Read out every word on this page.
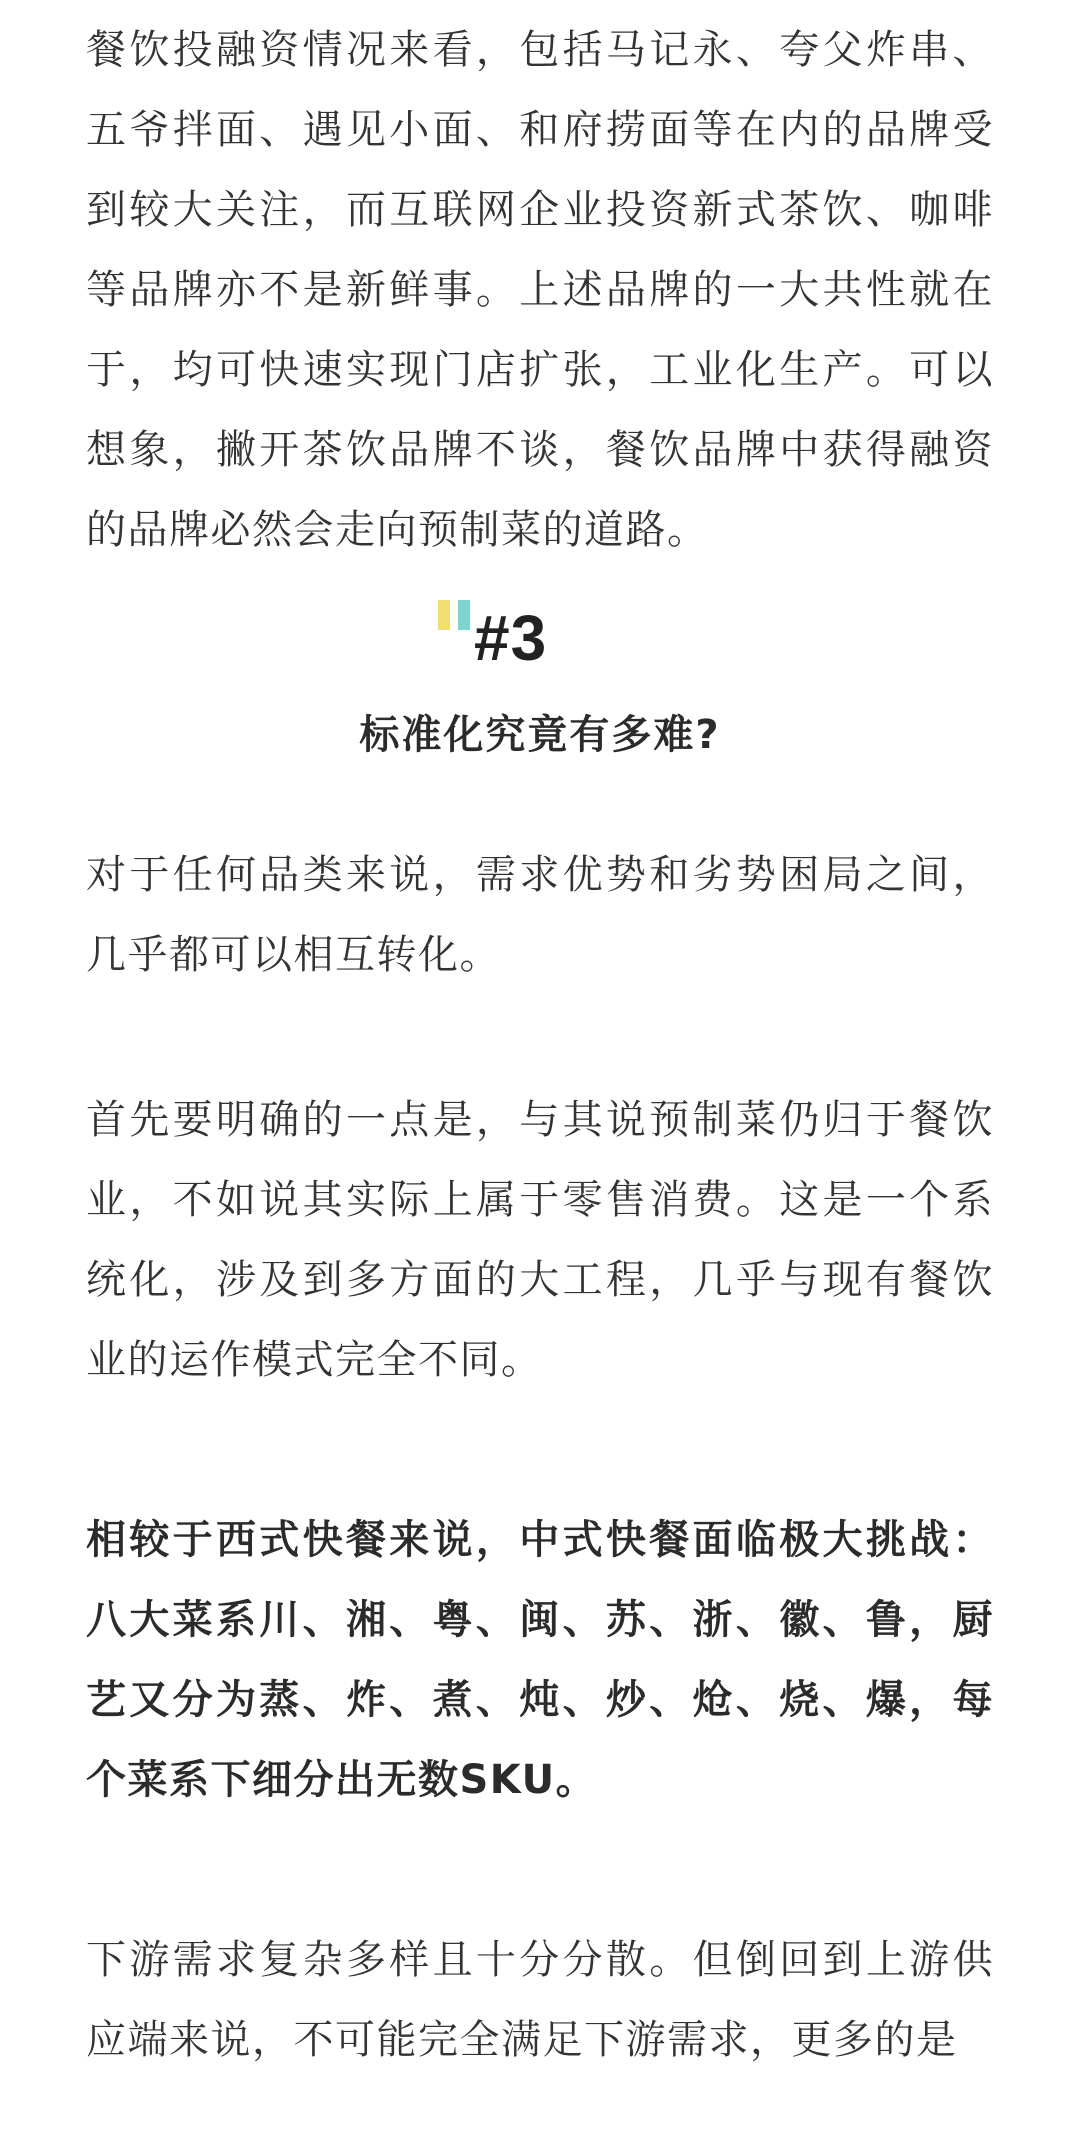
餐饮投融资情况来看，包括马记永、夸父炸串、五爷拌面、遇见小面、和府捞面等在内的品牌受到较大关注，而互联网企业投资新式茶饮、咖啡等品牌亦不是新鲜事。上述品牌的一大共性就在于，均可快速实现门店扩张，工业化生产。可以想象，撇开茶饮品牌不谈，餐饮品牌中获得融资的品牌必然会走向预制菜的道路。

#3
标准化究竟有多难?

对于任何品类来说，需求优势和劣势困局之间，几乎都可以相互转化。

首先要明确的一点是，与其说预制菜仍归于餐饮业，不如说其实际上属于零售消费。这是一个系统化，涉及到多方面的大工程，几乎与现有餐饮业的运作模式完全不同。

相较于西式快餐来说，中式快餐面临极大挑战：八大菜系川、湘、粤、闽、苏、浙、徽、鲁，厨艺又分为蒸、炸、煮、炖、炒、炝、烧、爆，每个菜系下细分出无数SKU。

下游需求复杂多样且十分分散。但倒回到上游供应端来说，不可能完全满足下游需求，更多的是
